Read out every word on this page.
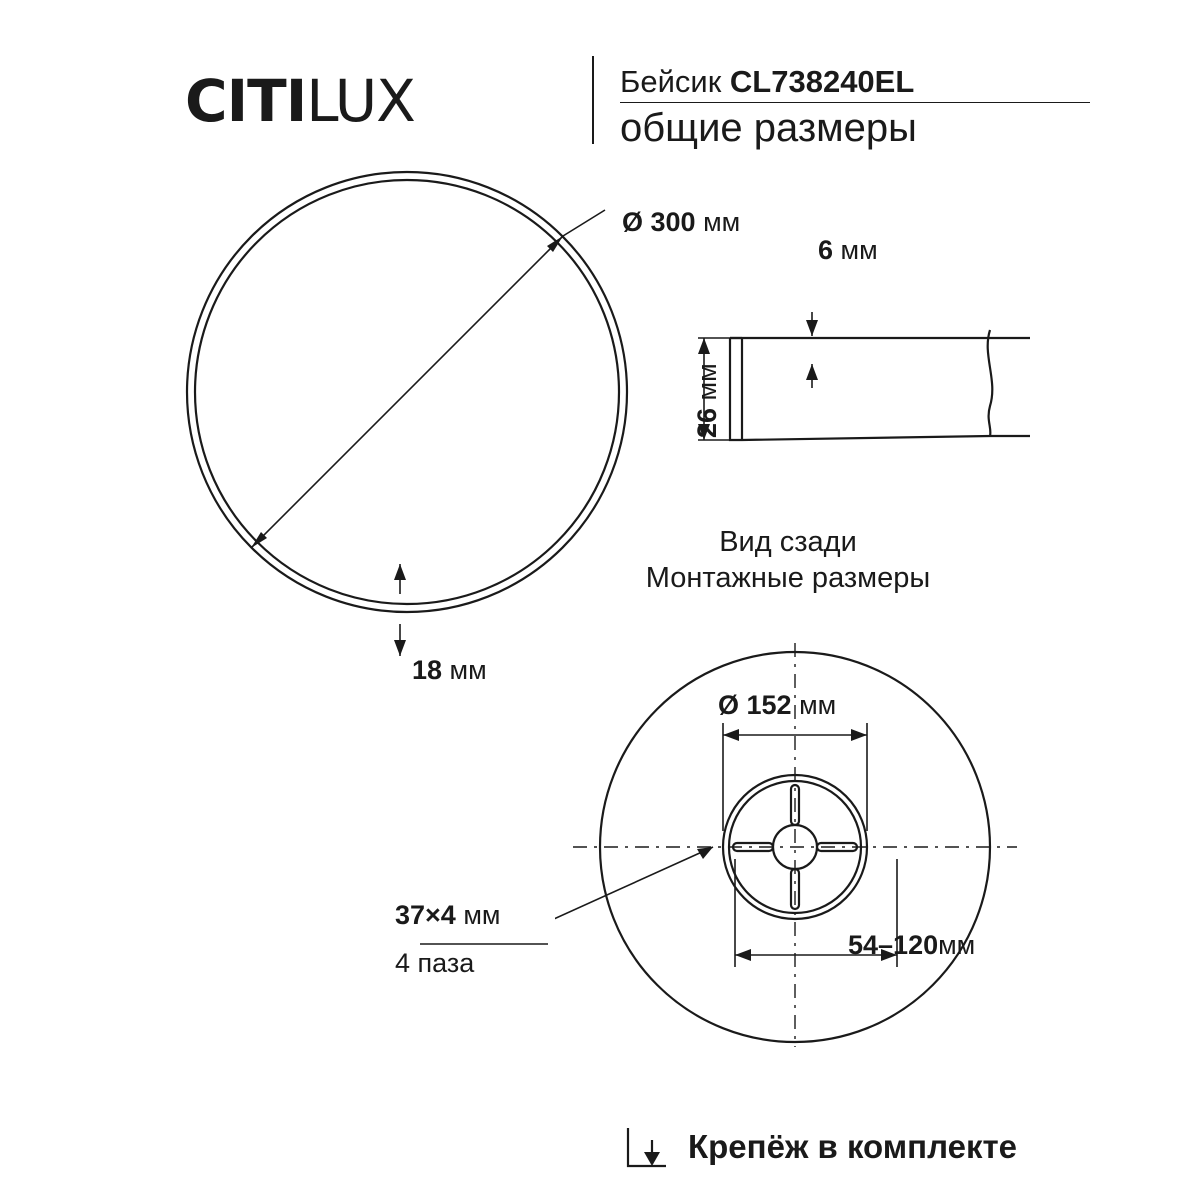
CITILUX	Бейсик CL738240EL
общие размеры
Ø 300 мм
18 мм
6 мм
26 мм
Вид сзади
Монтажные размеры
Ø 152 мм
54–120мм
37×4 мм
4 паза
Крепёж в комплекте
